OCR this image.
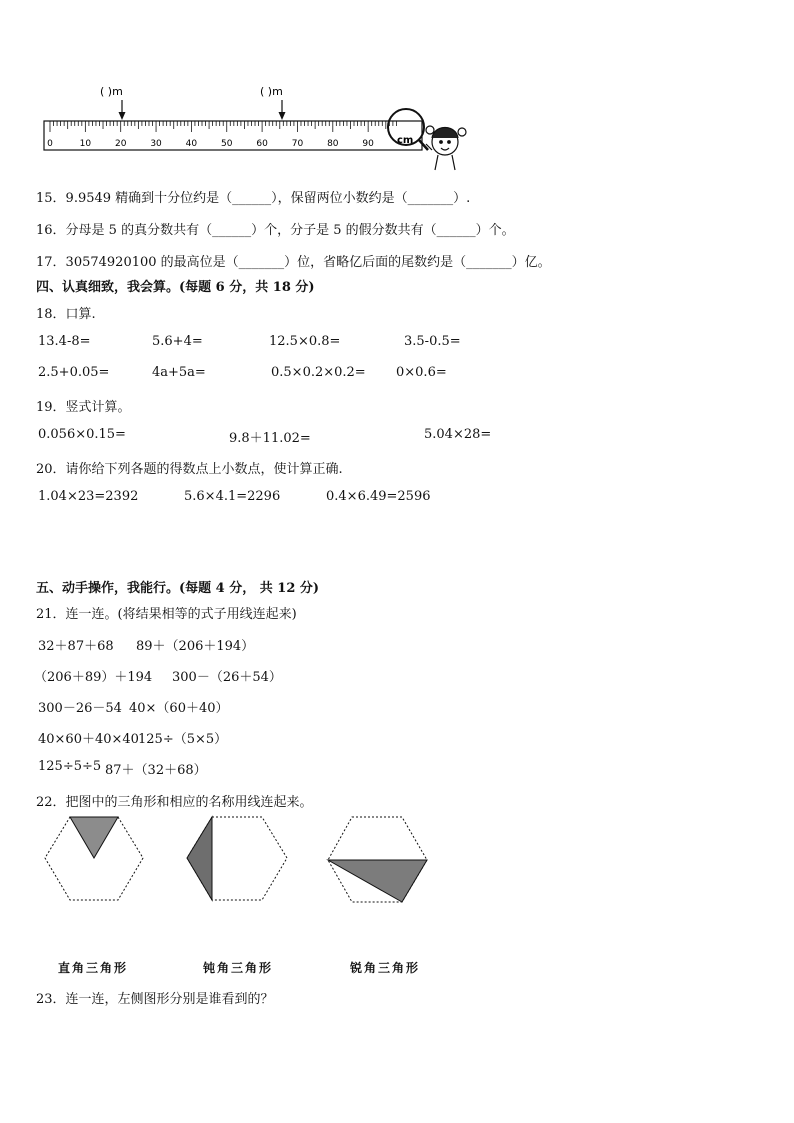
( )m	( )m
0	10	20	30	40	50	60	70	80	90 cm
15．9.9549 精确到十分位约是（______），保留两位小数约是（_______）.
16．分母是 5 的真分数共有（______）个，分子是 5 的假分数共有（______）个。
17．30574920100 的最高位是（_______）位，省略亿后面的尾数约是（_______）亿。
四、认真细致，我会算。(每题 6 分，共 18 分)
18．口算.
13.4-8=	5.6+4=	12.5×0.8=	3.5-0.5=
2.5+0.05=	4a+5a=	0.5×0.2×0.2= 0×0.6=
19．竖式计算。
0.056×0.15=	9.8＋11.02=	5.04×28=
20．请你给下列各题的得数点上小数点，使计算正确.
1.04×23=2392	5.6×4.1=2296	0.4×6.49=2596
五、动手操作，我能行。(每题 4 分， 共 12 分)
21．连一连。(将结果相等的式子用线连起来)
32＋87＋68 89＋（206＋194）
（206＋89）＋194 300－（26＋54）
300－26－54 40×（60＋40）
40×60＋40×40 125÷（5×5）
125÷5÷5 87＋（32＋68）
22．把图中的三角形和相应的名称用线连起来。
直角三角形	钝角三角形	锐角三角形
23．连一连，左侧图形分别是谁看到的？
